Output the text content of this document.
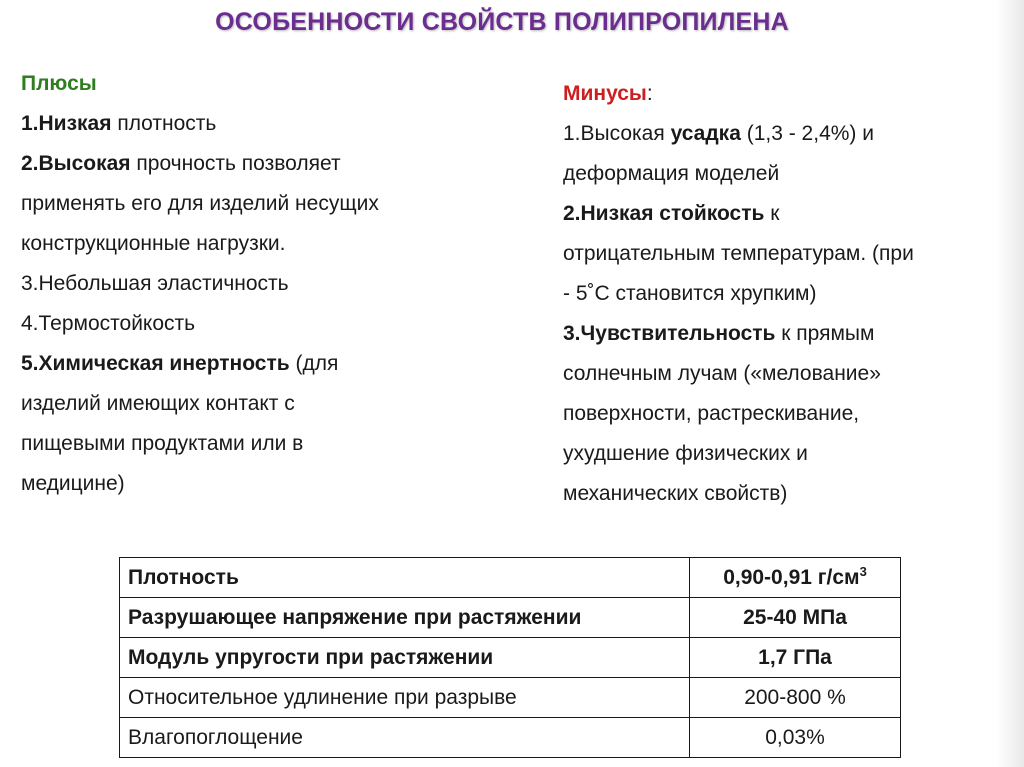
ОСОБЕННОСТИ СВОЙСТВ ПОЛИПРОПИЛЕНА
Плюсы
1.Низкая плотность
2.Высокая прочность позволяет
применять его для изделий несущих
конструкционные нагрузки.
3.Небольшая эластичность
4.Термостойкость
5.Химическая инертность (для
изделий имеющих контакт с
пищевыми продуктами или в
медицине)
Минусы:
1.Высокая усадка (1,3 - 2,4%) и
деформация моделей
2.Низкая стойкость к
отрицательным температурам. (при
- 5˚С становится хрупким)
3.Чувствительность к прямым
солнечным лучам («мелование»
поверхности, растрескивание,
ухудшение физических и
механических свойств)
Плотность	0,90-0,91 $г/см^3$
Разрушающее напряжение при растяжении	25-40 МПа
Модуль упругости при растяжении	1,7 ГПа
Относительное удлинение при разрыве	200-800 %
Влагопоглощение	0,03%
